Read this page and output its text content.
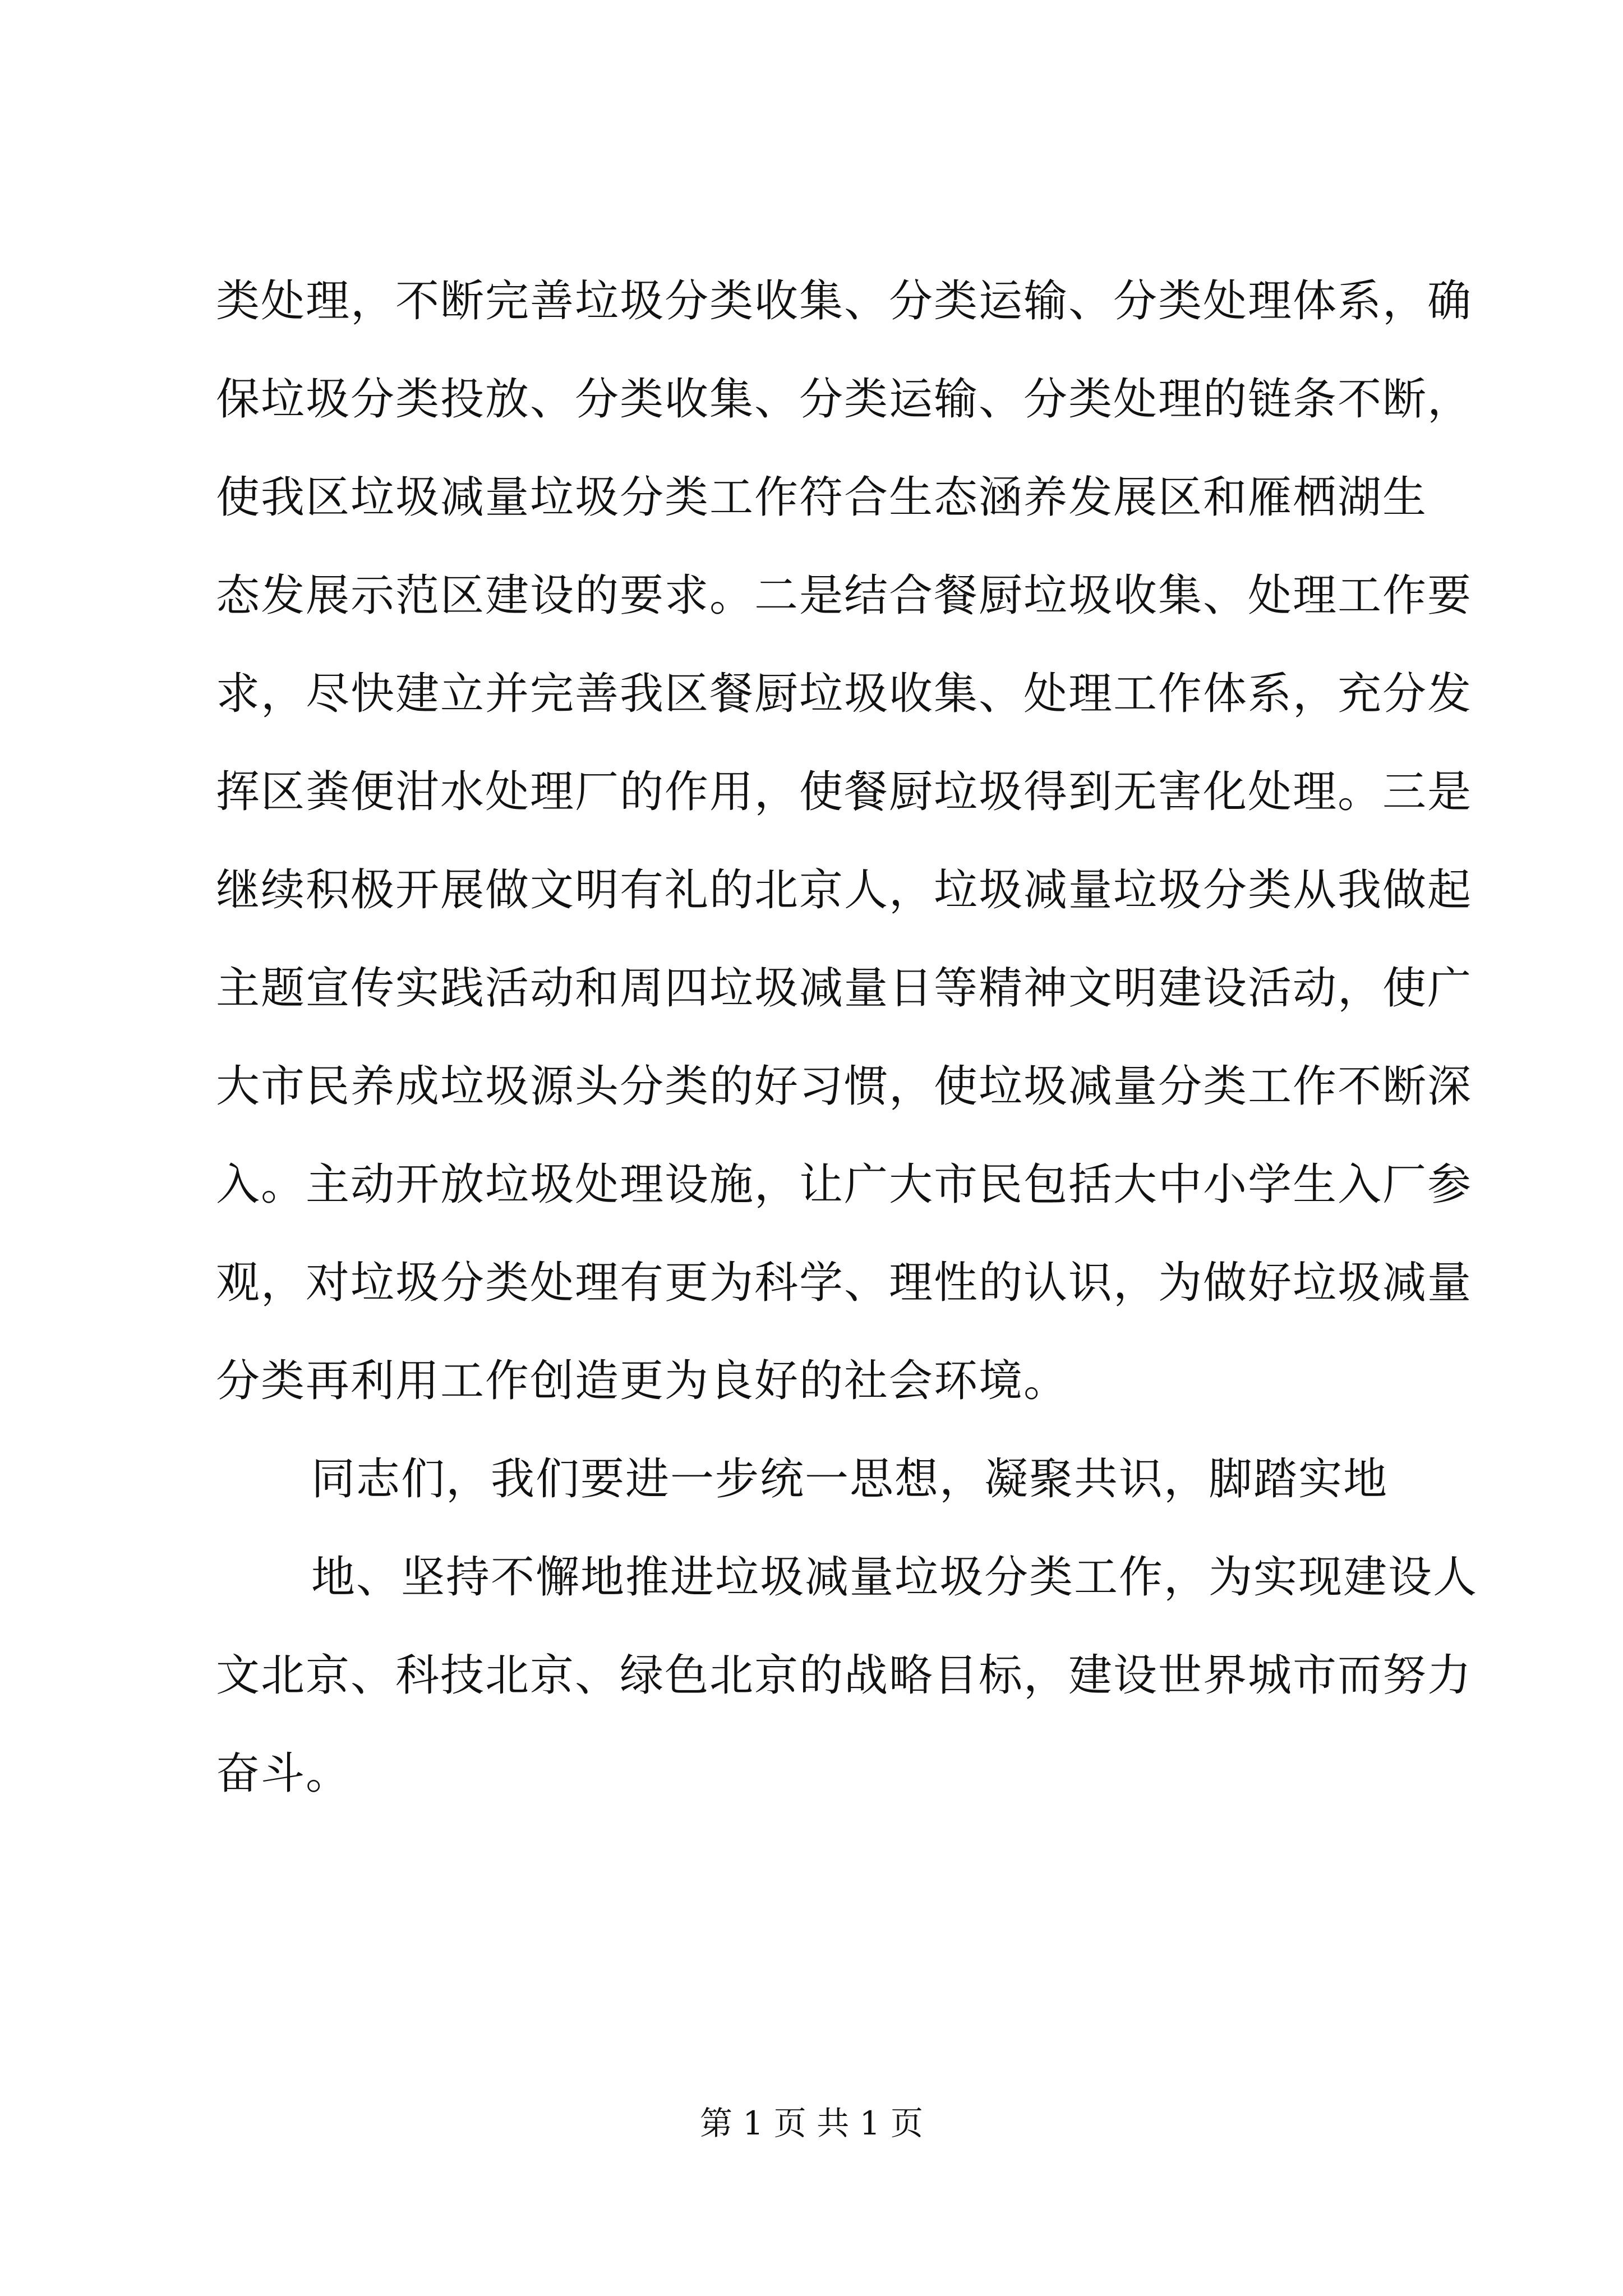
类处理，不断完善垃圾分类收集、分类运输、分类处理体系，确
保垃圾分类投放、分类收集、分类运输、分类处理的链条不断，
使我区垃圾减量垃圾分类工作符合生态涵养发展区和雁栖湖生
态发展示范区建设的要求。二是结合餐厨垃圾收集、处理工作要
求，尽快建立并完善我区餐厨垃圾收集、处理工作体系，充分发
挥区粪便泔水处理厂的作用，使餐厨垃圾得到无害化处理。三是
继续积极开展做文明有礼的北京人，垃圾减量垃圾分类从我做起
主题宣传实践活动和周四垃圾减量日等精神文明建设活动，使广
大市民养成垃圾源头分类的好习惯，使垃圾减量分类工作不断深
入。主动开放垃圾处理设施，让广大市民包括大中小学生入厂参
观，对垃圾分类处理有更为科学、理性的认识，为做好垃圾减量
分类再利用工作创造更为良好的社会环境。
同志们，我们要进一步统一思想，凝聚共识，脚踏实地
地、坚持不懈地推进垃圾减量垃圾分类工作，为实现建设人
文北京、科技北京、绿色北京的战略目标，建设世界城市而努力
奋斗。
第 1 页 共 1 页
